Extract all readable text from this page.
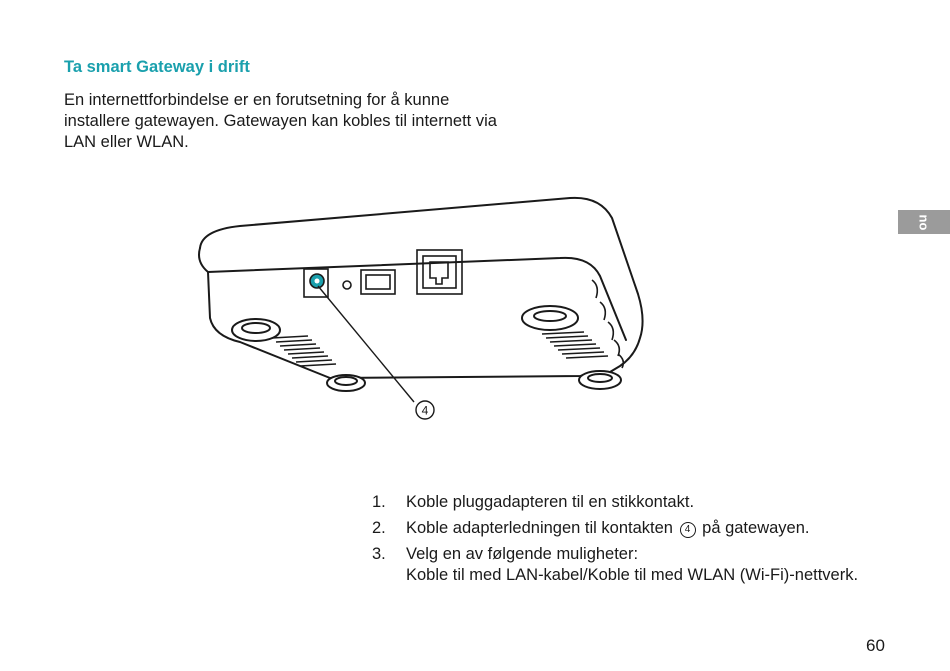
Ta smart Gateway i drift

En internettforbindelse er en forutsetning for å kunne installere gatewayen. Gatewayen kan kobles til internett via LAN eller WLAN.

no
4
1.	Koble pluggadapteren til en stikkontakt.
2.	Koble adapterledningen til kontakten 4 på gatewayen.
3.	Velg en av følgende muligheter:
Koble til med LAN-kabel/Koble til med WLAN (Wi-Fi)-nettverk.
60
